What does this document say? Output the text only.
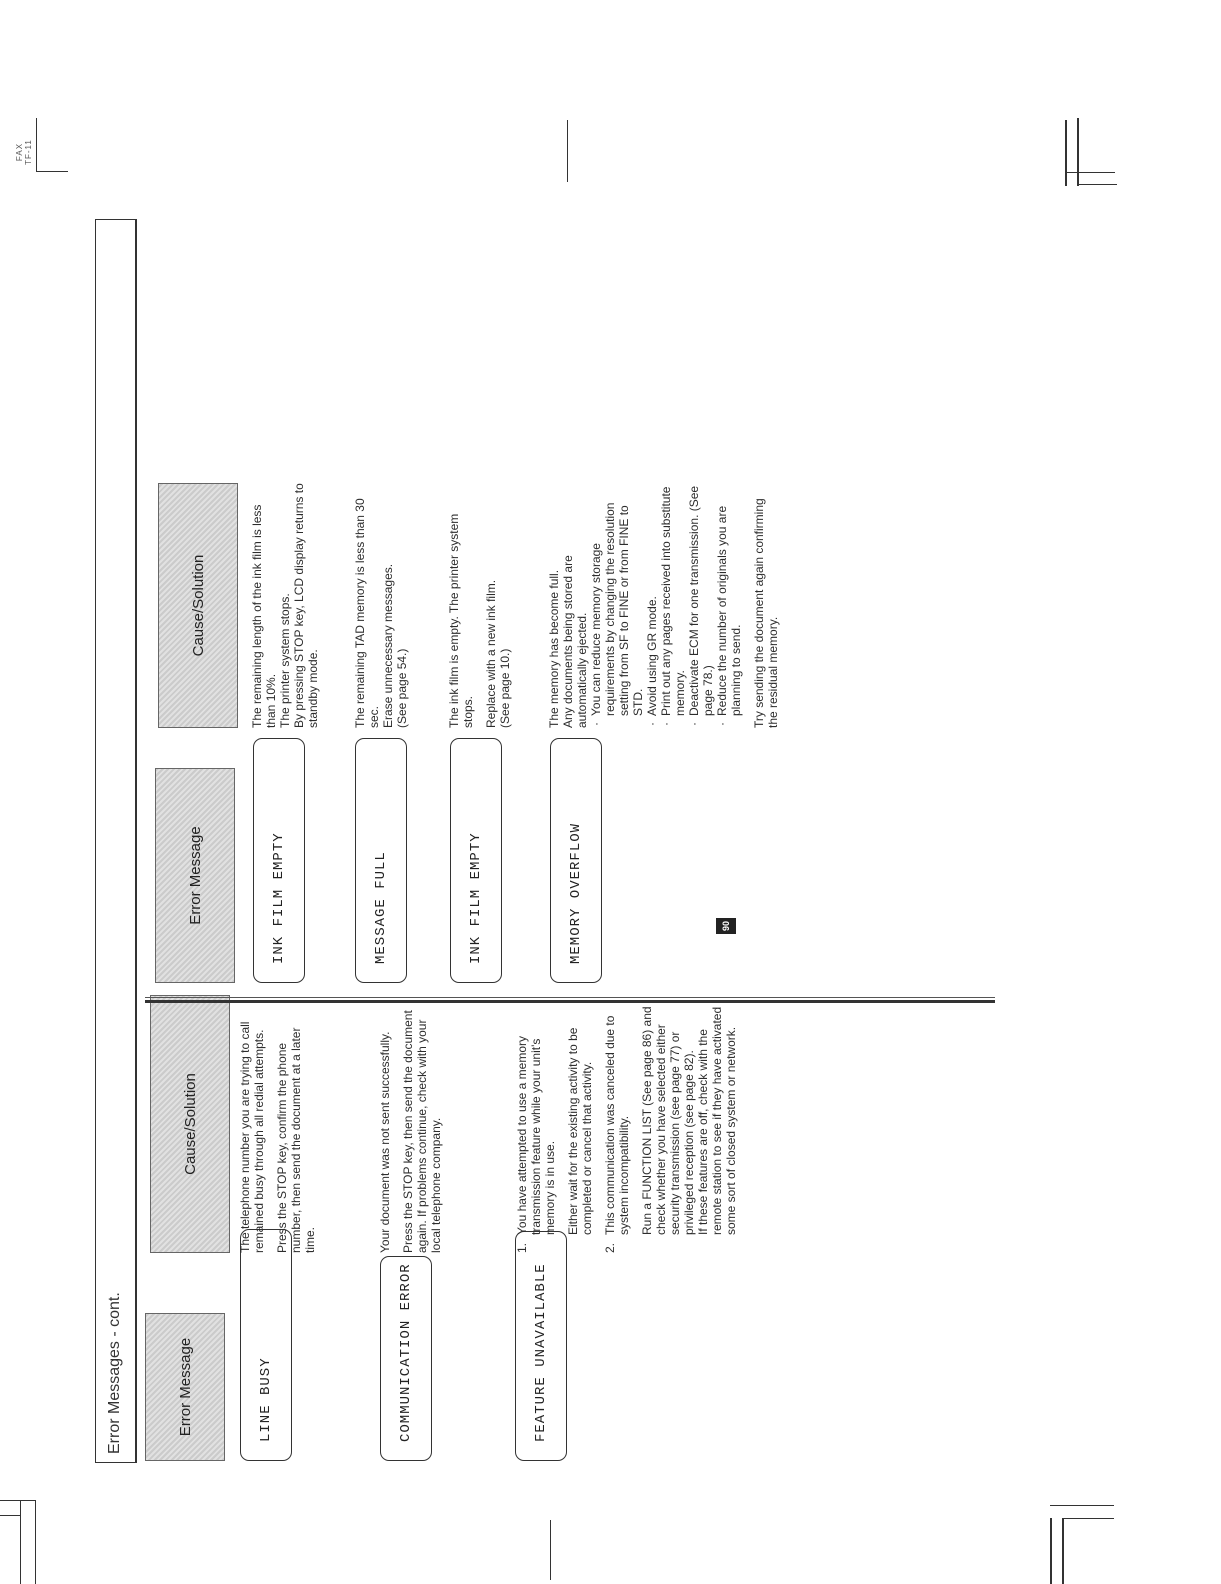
FAX
TF-11
90
Error Messages - cont.	Error Message
Cause/Solution
LINE BUSY

The telephone number you are trying to call remained busy through all redial attempts. Press the STOP key, confirm the phone number, then send the document at a later time.

COMMUNICATION ERROR

Your document was not sent successfully. Press the STOP key, then send the document again. If problems continue, check with your local telephone company.

FEATURE UNAVAILABLE
1.
You have attempted to use a memory transmission feature while your unit's memory is in use. Either wait for the existing activity to be completed or cancel that activity.
2.
This communication was canceled due to system incompatibility. Run a FUNCTION LIST (See page 86) and check whether you have selected either security transmission (see page 77) or privileged reception (see page 82). If these features are off, check with the remote station to see if they have activated some sort of closed system or network.
Error Message
Cause/Solution
INK FILM EMPTY
The remaining length of the ink film is less than 10%. The printer system stops. By pressing STOP key, LCD display returns to standby mode.
MESSAGE FULL
The remaining TAD memory is less than 30 sec. Erase unnecessary messages. (See page 54.)
INK FILM EMPTY

The ink film is empty. The printer system stops. Replace with a new ink film. (See page 10.)
MEMORY OVERFLOW
The memory has become full. Any documents being stored are automatically ejected. · You can reduce memory storage requirements by changing the resolution setting from SF to FINE or from FINE to STD. · Avoid using GR mode. · Print out any pages received into substitute memory. · Deactivate ECM for one transmission. (See page 78.) · Reduce the number of originals you are planning to send. Try sending the document again confirming the residual memory.
